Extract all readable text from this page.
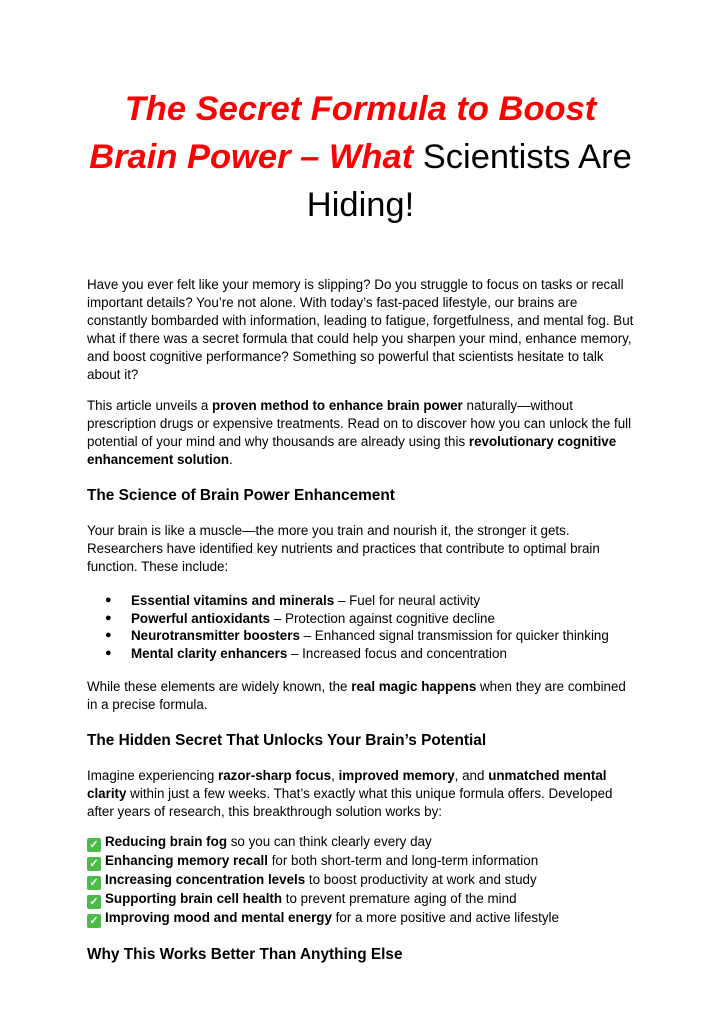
The Secret Formula to Boost Brain Power – What Scientists Are Hiding!

Have you ever felt like your memory is slipping? Do you struggle to focus on tasks or recall important details? You’re not alone. With today’s fast-paced lifestyle, our brains are constantly bombarded with information, leading to fatigue, forgetfulness, and mental fog. But what if there was a secret formula that could help you sharpen your mind, enhance memory, and boost cognitive performance? Something so powerful that scientists hesitate to talk about it?

This article unveils a proven method to enhance brain power naturally—without prescription drugs or expensive treatments. Read on to discover how you can unlock the full potential of your mind and why thousands are already using this revolutionary cognitive enhancement solution.

The Science of Brain Power Enhancement

Your brain is like a muscle—the more you train and nourish it, the stronger it gets. Researchers have identified key nutrients and practices that contribute to optimal brain function. These include:

● Essential vitamins and minerals – Fuel for neural activity
● Powerful antioxidants – Protection against cognitive decline
● Neurotransmitter boosters – Enhanced signal transmission for quicker thinking
● Mental clarity enhancers – Increased focus and concentration

While these elements are widely known, the real magic happens when they are combined in a precise formula.

The Hidden Secret That Unlocks Your Brain’s Potential

Imagine experiencing razor-sharp focus, improved memory, and unmatched mental clarity within just a few weeks. That’s exactly what this unique formula offers. Developed after years of research, this breakthrough solution works by:

✓ Reducing brain fog so you can think clearly every day
✓ Enhancing memory recall for both short-term and long-term information
✓ Increasing concentration levels to boost productivity at work and study
✓ Supporting brain cell health to prevent premature aging of the mind
✓ Improving mood and mental energy for a more positive and active lifestyle
Why This Works Better Than Anything Else
